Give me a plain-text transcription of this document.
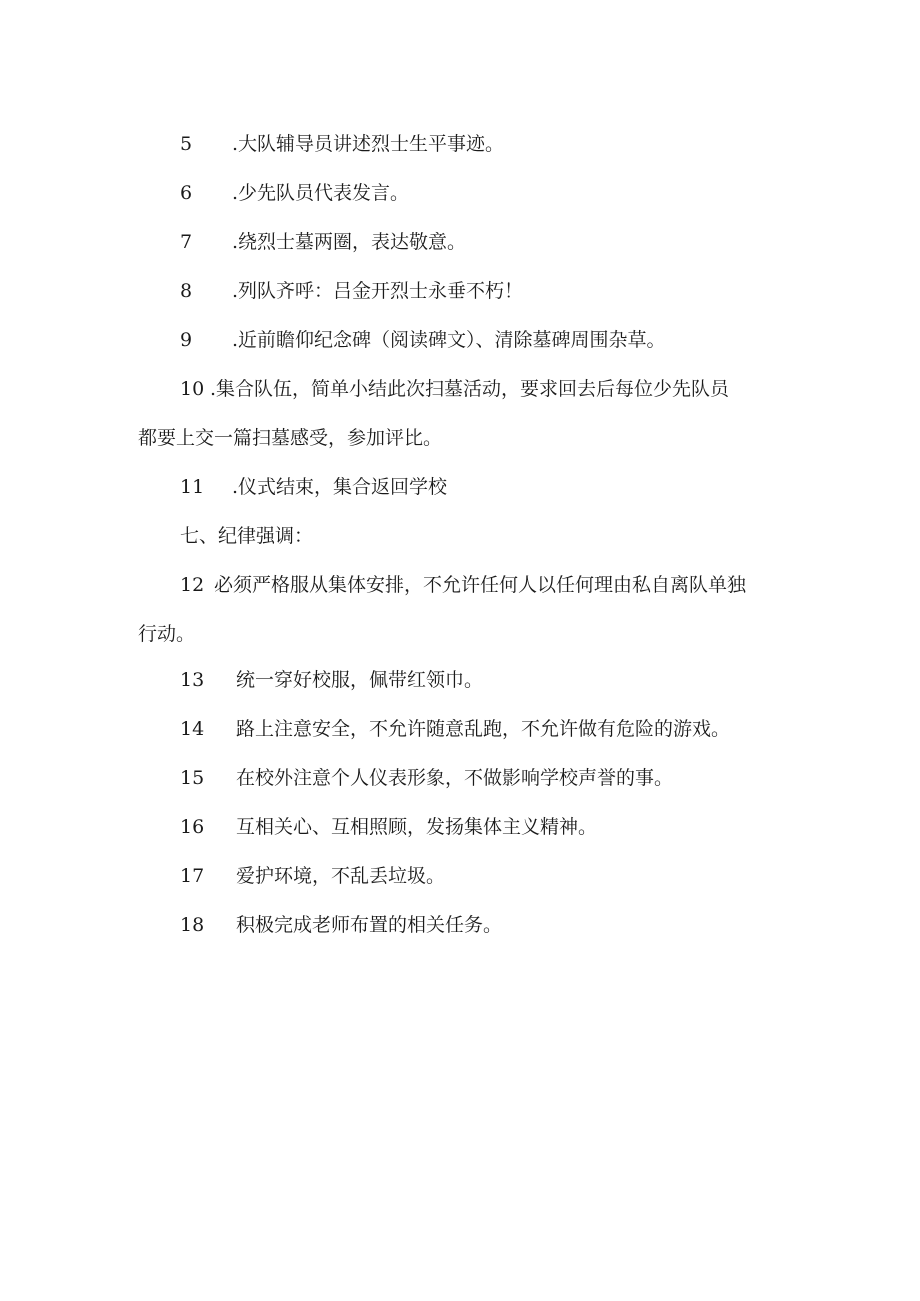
5 .大队辅导员讲述烈士生平事迹。
6 .少先队员代表发言。
7 .绕烈士墓两圈，表达敬意。
8 .列队齐呼：吕金开烈士永垂不朽！
9 .近前瞻仰纪念碑（阅读碑文）、清除墓碑周围杂草。
10 .集合队伍，简单小结此次扫墓活动，要求回去后每位少先队员
都要上交一篇扫墓感受，参加评比。
11 .仪式结束，集合返回学校
七、纪律强调：
12 必须严格服从集体安排，不允许任何人以任何理由私自离队单独
行动。
13 统一穿好校服，佩带红领巾。
14 路上注意安全，不允许随意乱跑，不允许做有危险的游戏。
15 在校外注意个人仪表形象，不做影响学校声誉的事。
16 互相关心、互相照顾，发扬集体主义精神。
17 爱护环境，不乱丢垃圾。
18 积极完成老师布置的相关任务。
